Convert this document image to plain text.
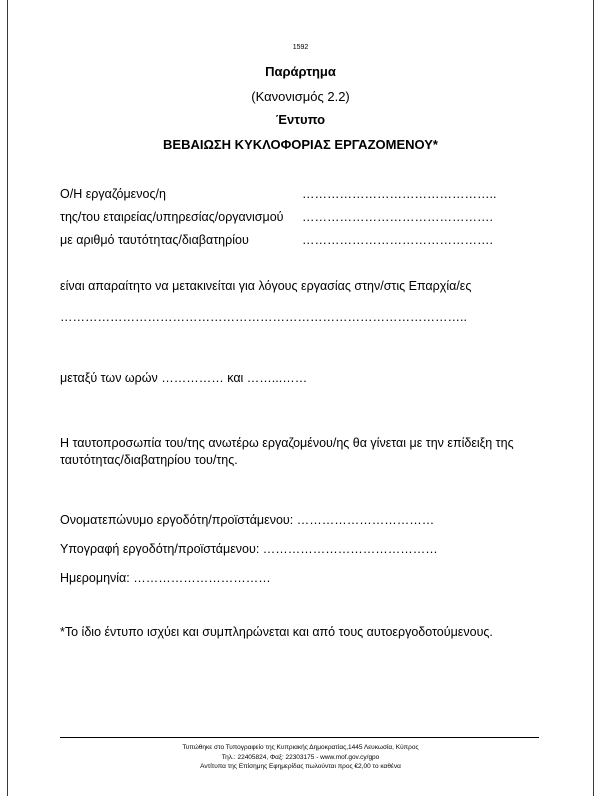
1592
Παράρτημα
(Κανονισμός 2.2)
Έντυπο
ΒΕΒΑΙΩΣΗ ΚΥΚΛΟΦΟΡΙΑΣ ΕΡΓΑΖΟΜΕΝΟΥ*
Ο/Η εργαζόμενος/η	………………………………………..
της/του εταιρείας/υπηρεσίας/οργανισμού ……………………………………….
με αριθμό ταυτότητας/διαβατηρίου	……………………………………….
είναι απαραίτητο να μετακινείται για λόγους εργασίας στην/στις Επαρχία/ες
……………………………………………………………………………………..
μεταξύ των ωρών …………… και ……...……
Η ταυτοπροσωπία του/της ανωτέρω εργαζομένου/ης θα γίνεται με την επίδειξη της
ταυτότητας/διαβατηρίου του/της.
Ονοματεπώνυμο εργοδότη/προϊστάμενου: ……………………………
Υπογραφή εργοδότη/προϊστάμενου: ……………………………………
Ημερομηνία: ……………………………
*Το ίδιο έντυπο ισχύει και συμπληρώνεται και από τους αυτοεργοδοτούμενους.
Τυπώθηκε στο Τυπογραφείο της Κυπριακής Δημοκρατίας,1445 Λευκωσία, Κύπρος
Τηλ.: 22405824, Φαξ: 22303175 - www.mof.gov.cy/gpo
Αντίτυπα της Επίσημης Εφημερίδας πωλούνται προς €2,00 το καθένα
